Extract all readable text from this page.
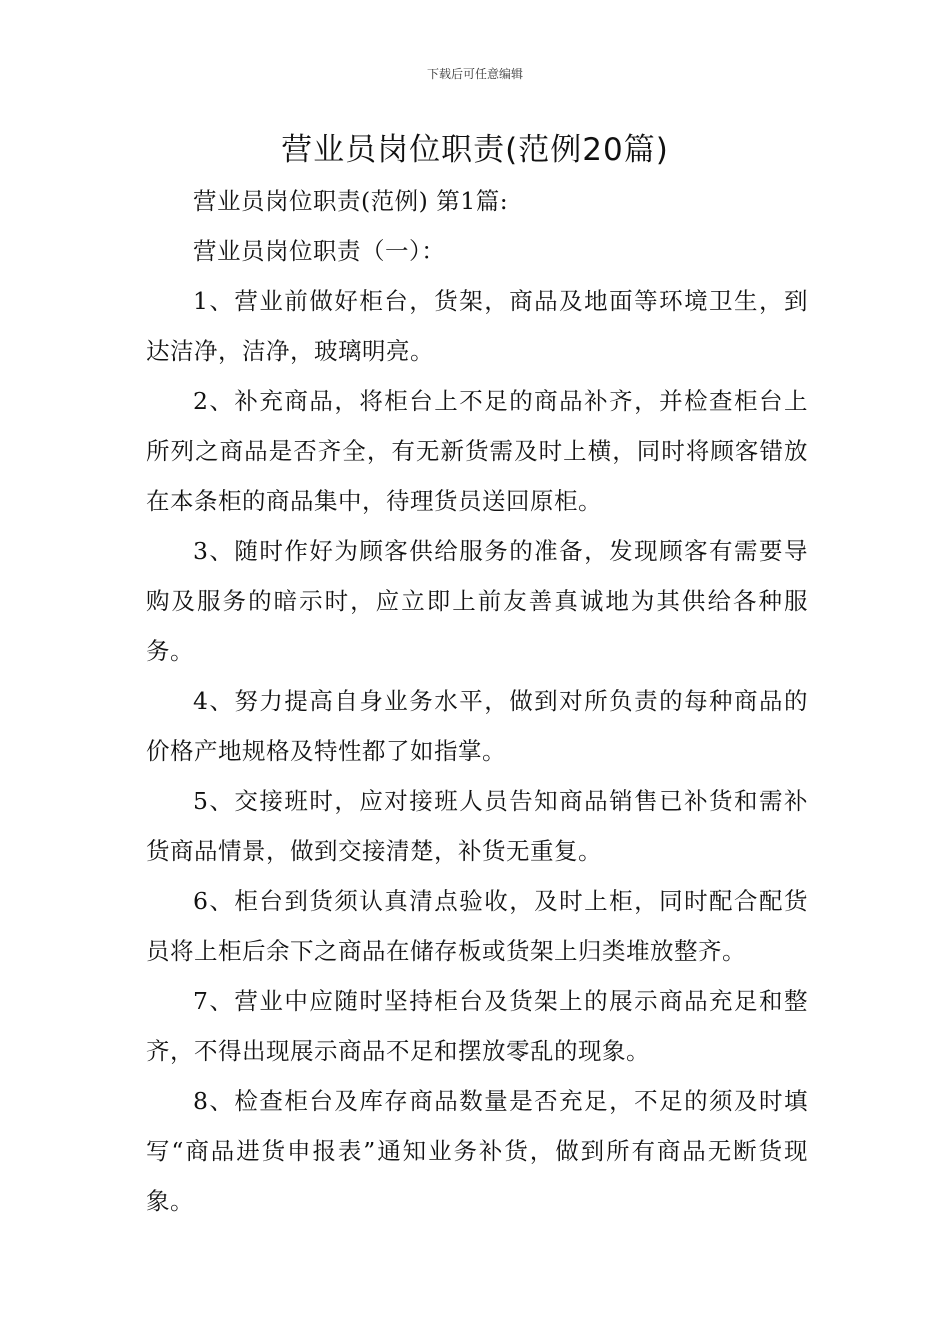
下载后可任意编辑
营业员岗位职责(范例20篇)

营业员岗位职责(范例) 第1篇:

营业员岗位职责（一）：

1、营业前做好柜台，货架，商品及地面等环境卫生，到达洁净，洁净，玻璃明亮。

2、补充商品，将柜台上不足的商品补齐，并检查柜台上所列之商品是否齐全，有无新货需及时上横，同时将顾客错放在本条柜的商品集中，待理货员送回原柜。

3、随时作好为顾客供给服务的准备，发现顾客有需要导购及服务的暗示时，应立即上前友善真诚地为其供给各种服务。

4、努力提高自身业务水平，做到对所负责的每种商品的价格产地规格及特性都了如指掌。

5、交接班时，应对接班人员告知商品销售已补货和需补货商品情景，做到交接清楚，补货无重复。

6、柜台到货须认真清点验收，及时上柜，同时配合配货员将上柜后余下之商品在储存板或货架上归类堆放整齐。

7、营业中应随时坚持柜台及货架上的展示商品充足和整齐，不得出现展示商品不足和摆放零乱的现象。

8、检查柜台及库存商品数量是否充足，不足的须及时填写“商品进货申报表”通知业务补货，做到所有商品无断货现象。
